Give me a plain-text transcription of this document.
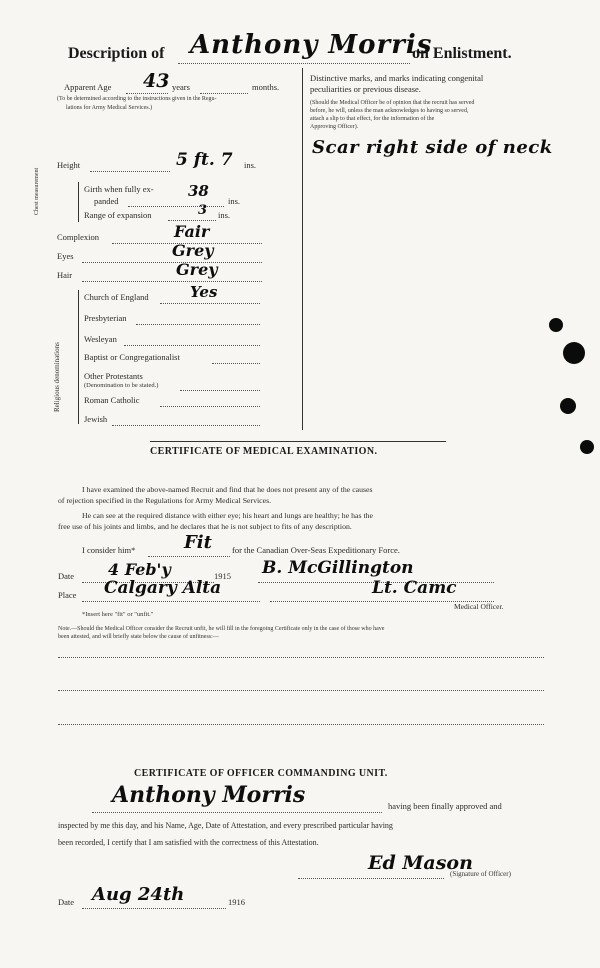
Description of Anthony Morris
on Enlistment.
Apparent Age 43 years	months.
(To be determined according to the instructions given in the Regu-
lations for Army Medical Services.)
Height	5 ft. 7 ins.
Chest measurement	Girth when fully ex-
panded
38
ins.
Range of expansion	3 ins.
Complexion	Fair
Eyes	Grey
Hair	Grey
Religious denominations
Church of England	Yes
Presbyterian
Wesleyan
Baptist or Congregationalist
Other Protestants
(Denomination to be stated.)
Roman Catholic
Jewish
Distinctive marks, and marks indicating congenital
peculiarities or previous disease.
(Should the Medical Officer be of opinion that the recruit has served
before, he will, unless the man acknowledges to having so served,
attach a slip to that effect, for the information of the
Approving Officer).
Scar right side of neck
CERTIFICATE OF MEDICAL EXAMINATION.
I have examined the above-named Recruit and find that he does not present any of the causes
of rejection specified in the Regulations for Army Medical Services.
He can see at the required distance with either eye; his heart and lungs are healthy; he has the
free use of his joints and limbs, and he declares that he is not subject to fits of any description.
I consider him*	Fit for the Canadian Over-Seas Expeditionary Force.
Date 4 Feb'y	1915 B. McGillington
Place Calgary Alta	Lt. Camc
Medical Officer.
*Insert here "fit" or "unfit."
Note.—Should the Medical Officer consider the Recruit unfit, he will fill in the foregoing Certificate only in the case of those who have
been attested, and will briefly state below the cause of unfitness:—
CERTIFICATE OF OFFICER COMMANDING UNIT.
Anthony Morris	having been finally approved and
inspected by me this day, and his Name, Age, Date of Attestation, and every prescribed particular having
been recorded, I certify that I am satisfied with the correctness of this Attestation.
Ed Mason
(Signature of Officer)
Date Aug 24th	1916
